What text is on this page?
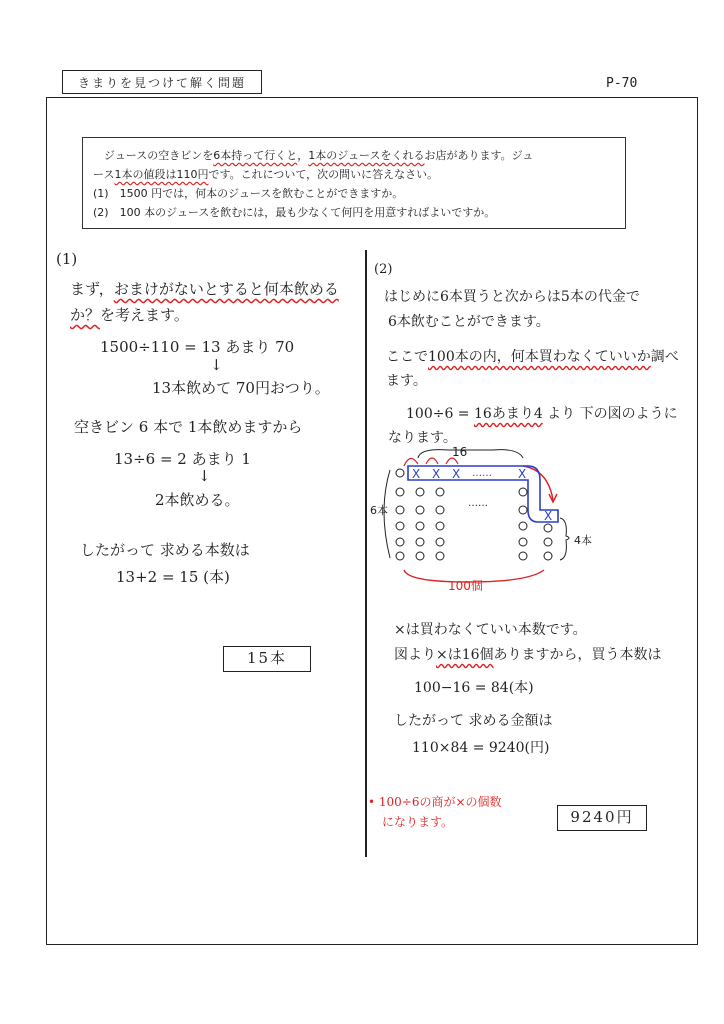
きまりを見つけて解く問題	P-70

ジュースの空きビンを6本持って行くと，1本のジュースをくれるお店があります。ジュ

ース1本の値段は110円です。これについて，次の問いに答えなさい。

(1)　1500 円では，何本のジュースを飲むことができますか。

(2)　100 本のジュースを飲むには，最も少なくて何円を用意すればよいですか。

(1)
まず，おまけがないとすると何本飲める
か？を考えます。
1500÷110 = 13 あまり 70
↓
13本飲めて 70円おつり。
空きビン 6 本で 1本飲めますから
13÷6 = 2 あまり 1
↓
2本飲める。
したがって 求める本数は
13+2 = 15 (本)
15本
(2)
はじめに6本買うと次からは5本の代金で
6本飲むことができます。
ここで100本の内，何本買わなくていいか調べ
ます。
100÷6 = 16あまり4 より 下の図のように
なります。
16
X X X …… X
X
……
6本
4本
100個
×は買わなくていい本数です。
図より×は16個ありますから，買う本数は
100−16 = 84(本)
したがって 求める金額は
110×84 = 9240(円)
• 100÷6の商が×の個数
になります。	9240円
